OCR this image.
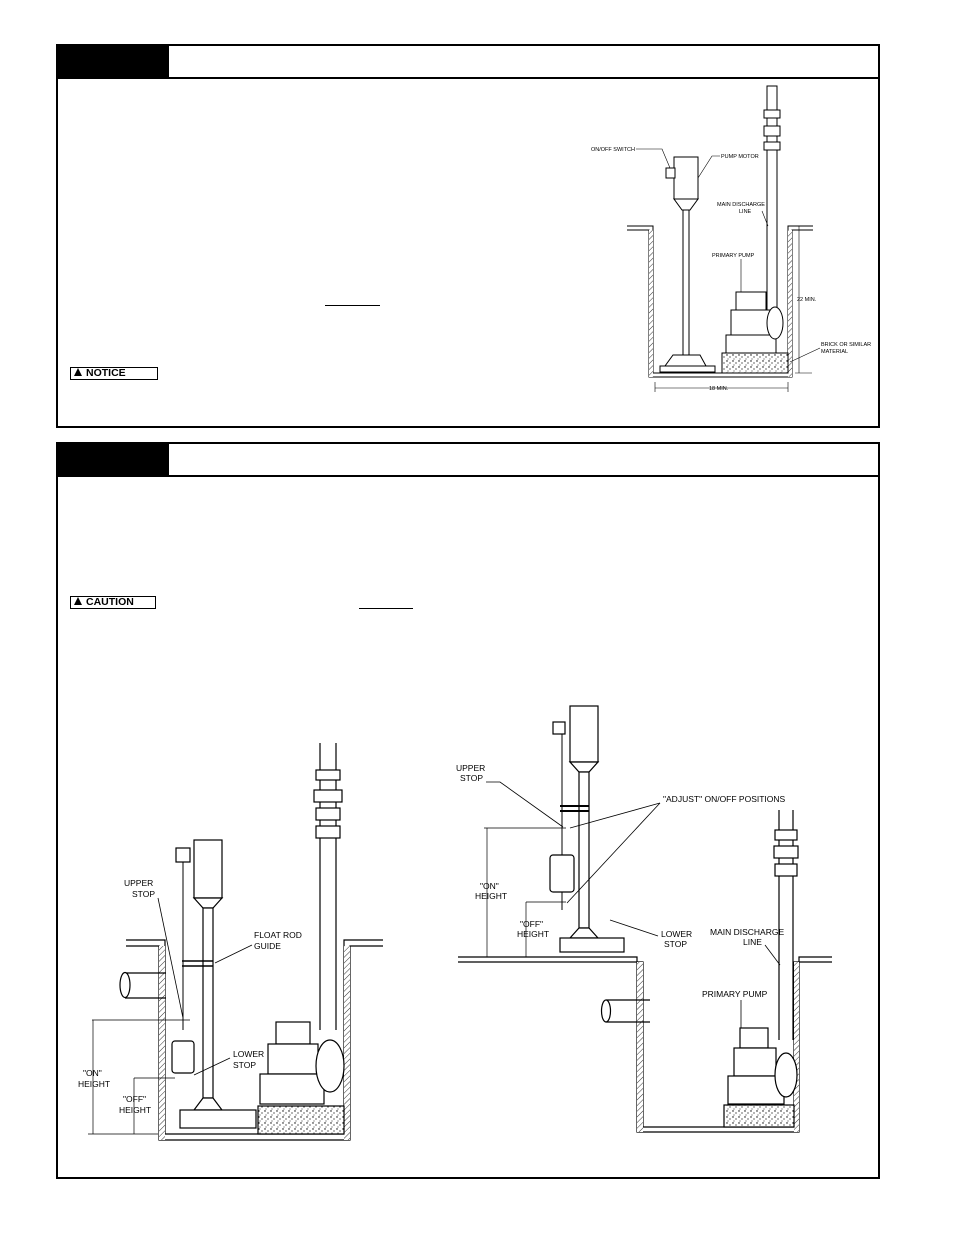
NOTICE
CAUTION
ON/OFF SWITCH
PUMP MOTOR
MAIN DISCHARGE
LINE
PRIMARY PUMP
22 MIN.
BRICK OR SIMILAR
MATERIAL
18 MIN.
UPPER
STOP
FLOAT ROD
GUIDE
LOWER
STOP
"ON"
HEIGHT
"OFF"
HEIGHT
UPPER
STOP
"ADJUST" ON/OFF POSITIONS
"ON"
HEIGHT
"OFF"
HEIGHT	LOWER
STOP
MAIN DISCHARGE
LINE
PRIMARY PUMP
